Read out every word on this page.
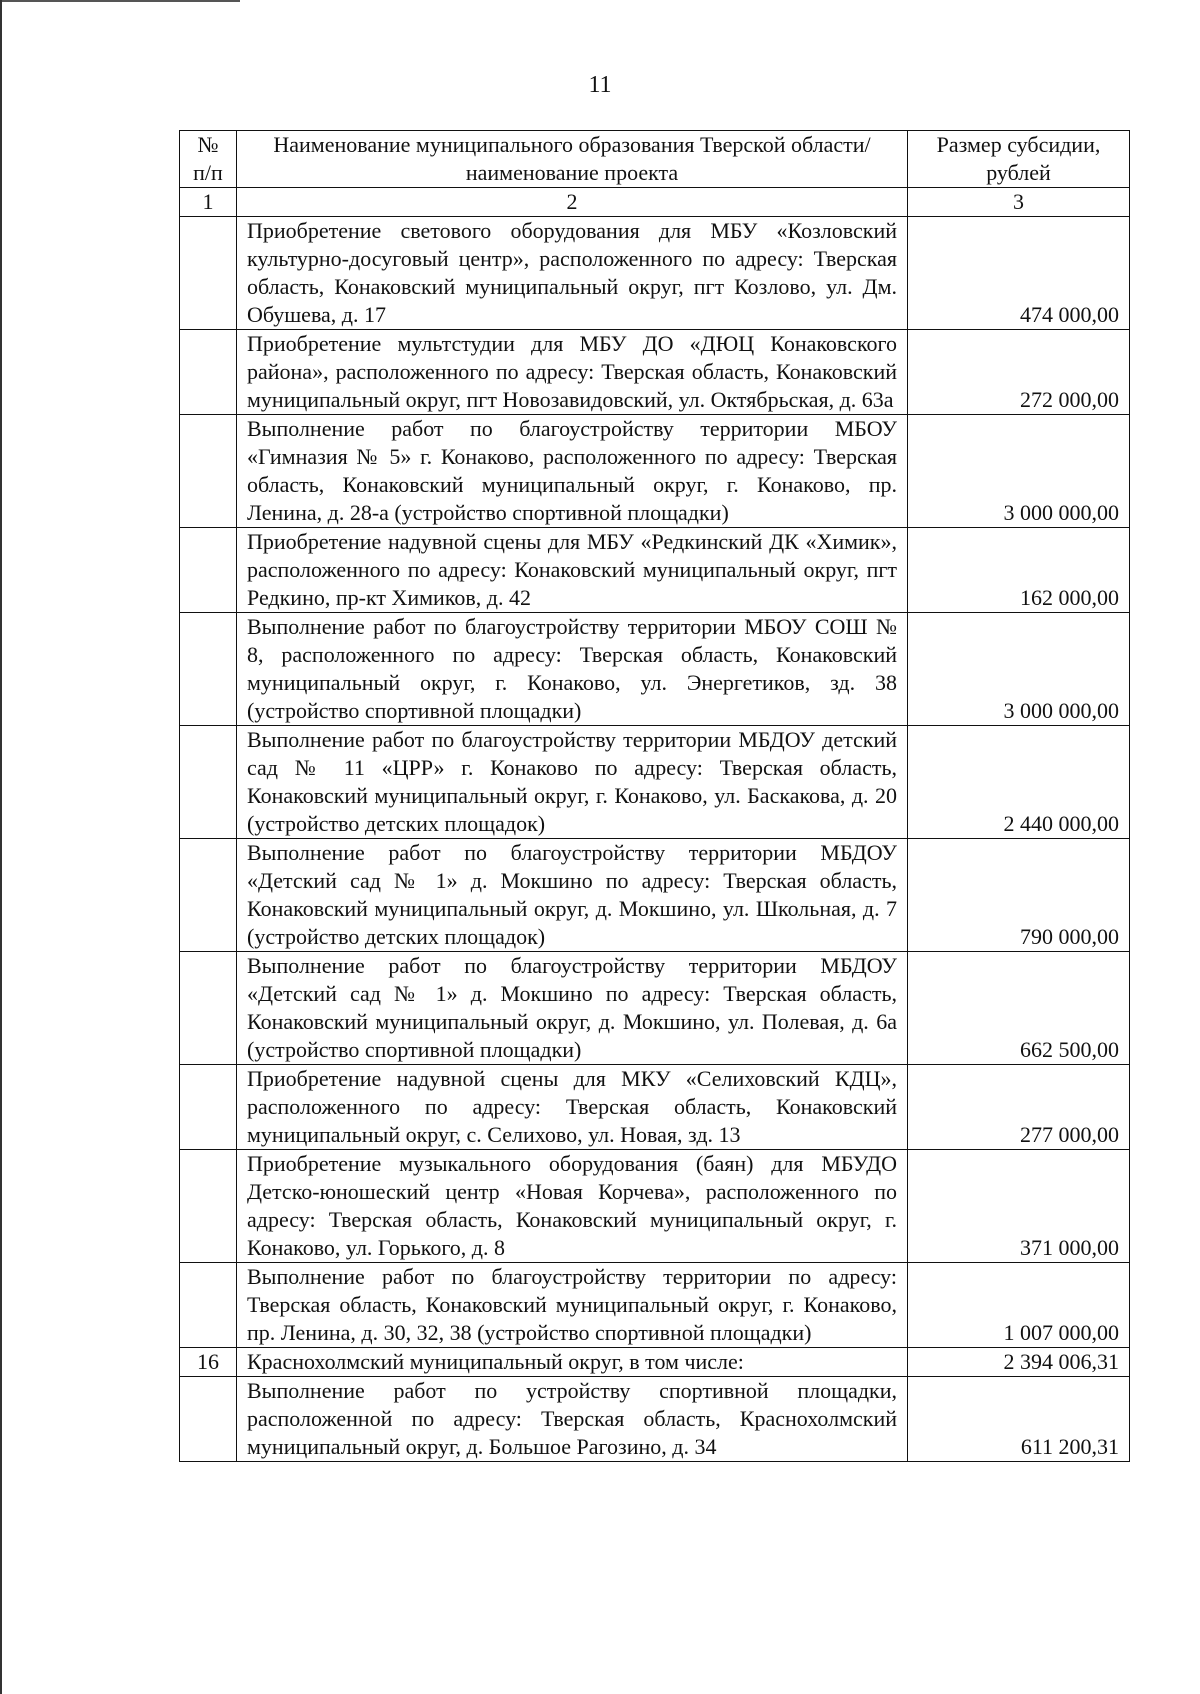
11
№ п/п	Наименование муниципального образования Тверской области/наименование проекта	Размер субсидии, рублей
1	2	3
	Приобретение светового оборудования для МБУ «Козловский культурно-досуговый центр», расположенного по адресу: Тверская область, Конаковский муниципальный округ, пгт Козлово, ул. Дм. Обушева, д. 17	474 000,00
	Приобретение мультстудии для МБУ ДО «ДЮЦ Конаковского района», расположенного по адресу: Тверская область, Конаковский муниципальный округ, пгт Новозавидовский, ул. Октябрьская, д. 63а	272 000,00
	Выполнение работ по благоустройству территории МБОУ «Гимназия № 5» г. Конаково, расположенного по адресу: Тверская область, Конаковский муниципальный округ, г. Конаково, пр. Ленина, д. 28-а (устройство спортивной площадки)	3 000 000,00
	Приобретение надувной сцены для МБУ «Редкинский ДК «Химик», расположенного по адресу: Конаковский муниципальный округ, пгт Редкино, пр-кт Химиков, д. 42	162 000,00
	Выполнение работ по благоустройству территории МБОУ СОШ № 8, расположенного по адресу: Тверская область, Конаковский муниципальный округ, г. Конаково, ул. Энергетиков, зд. 38 (устройство спортивной площадки)	3 000 000,00
	Выполнение работ по благоустройству территории МБДОУ детский сад № 11 «ЦРР» г. Конаково по адресу: Тверская область, Конаковский муниципальный округ, г. Конаково, ул. Баскакова, д. 20 (устройство детских площадок)	2 440 000,00
	Выполнение работ по благоустройству территории МБДОУ «Детский сад № 1» д. Мокшино по адресу: Тверская область, Конаковский муниципальный округ, д. Мокшино, ул. Школьная, д. 7 (устройство детских площадок)	790 000,00
	Выполнение работ по благоустройству территории МБДОУ «Детский сад № 1» д. Мокшино по адресу: Тверская область, Конаковский муниципальный округ, д. Мокшино, ул. Полевая, д. 6а (устройство спортивной площадки)	662 500,00
	Приобретение надувной сцены для МКУ «Селиховский КДЦ», расположенного по адресу: Тверская область, Конаковский муниципальный округ, с. Селихово, ул. Новая, зд. 13	277 000,00
	Приобретение музыкального оборудования (баян) для МБУДО Детско-юношеский центр «Новая Корчева», расположенного по адресу: Тверская область, Конаковский муниципальный округ, г. Конаково, ул. Горького, д. 8	371 000,00
	Выполнение работ по благоустройству территории по адресу: Тверская область, Конаковский муниципальный округ, г. Конаково, пр. Ленина, д. 30, 32, 38 (устройство спортивной площадки)	1 007 000,00
16	Краснохолмский муниципальный округ, в том числе:	2 394 006,31
	Выполнение работ по устройству спортивной площадки, расположенной по адресу: Тверская область, Краснохолмский муниципальный округ, д. Большое Рагозино, д. 34	611 200,31
